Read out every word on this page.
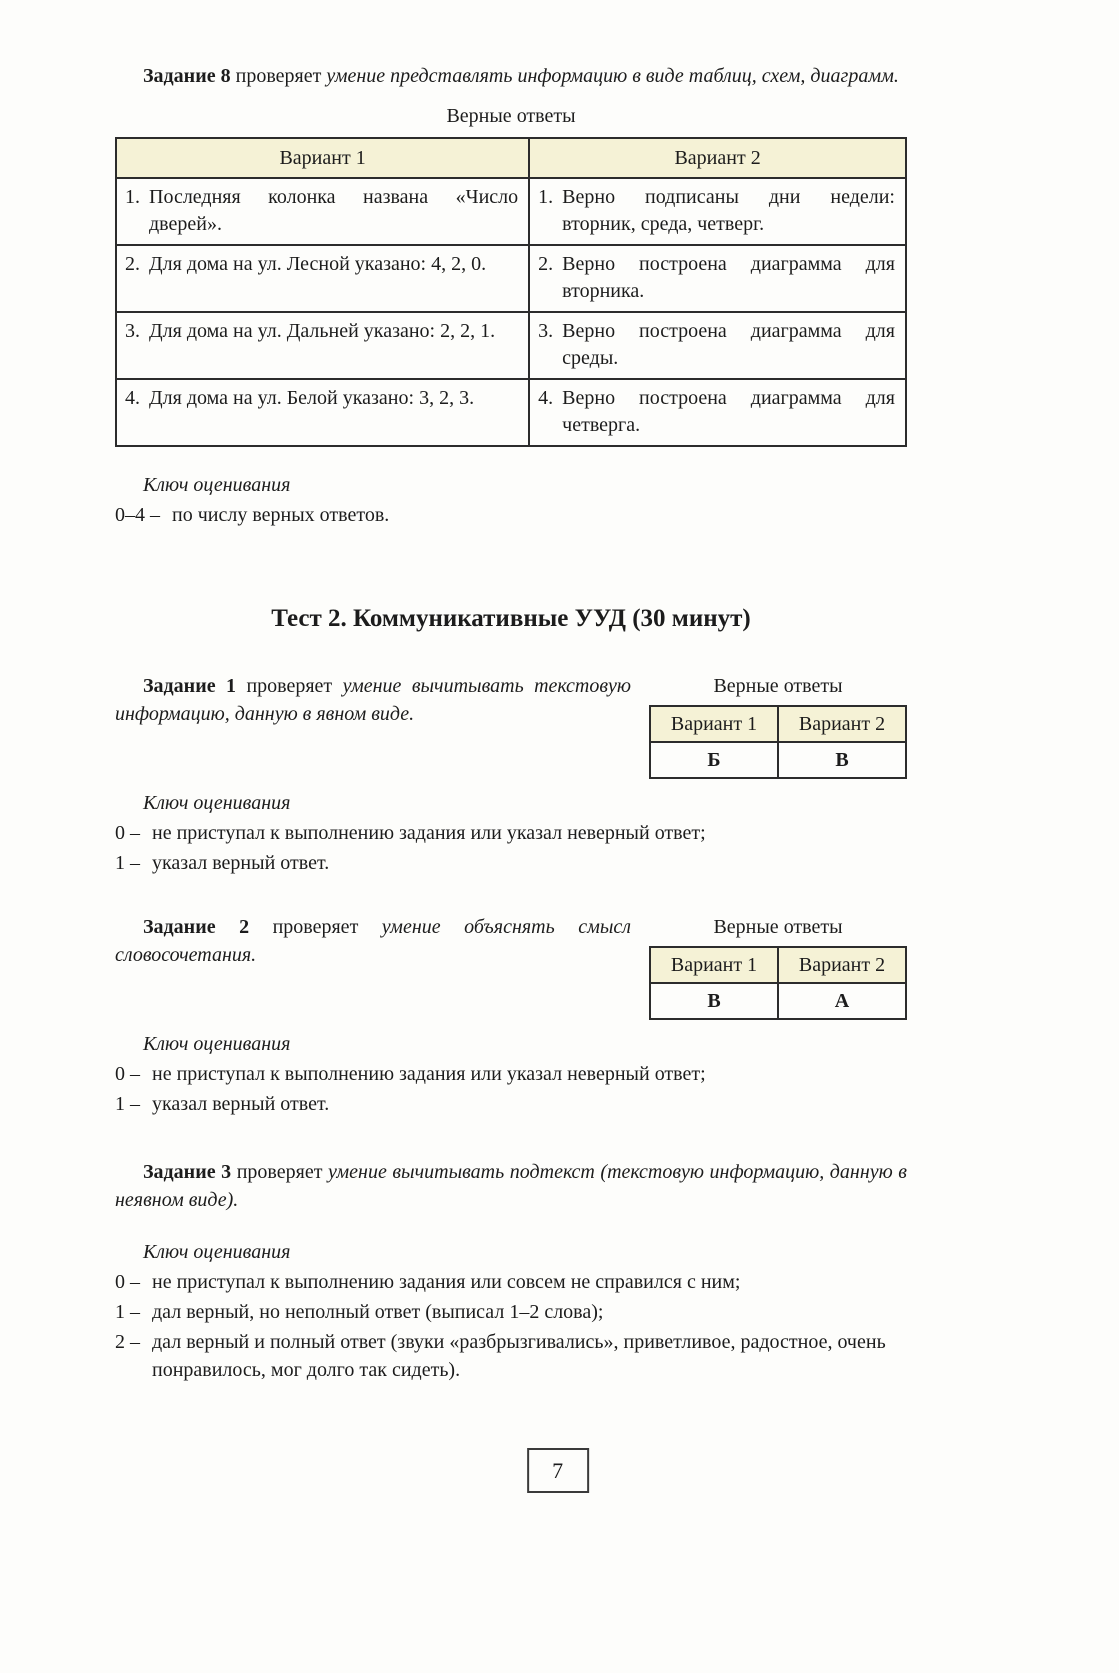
Задание 8 проверяет умение представлять информацию в виде таблиц, схем, диаграмм.

Верные ответы
Вариант 1	Вариант 2

1. Последняя колонка названа «Число дверей».	1. Верно подписаны дни недели: вторник, среда, четверг.

2. Для дома на ул. Лесной указано: 4, 2, 0.	2. Верно построена диаграмма для вторника.

3. Для дома на ул. Дальней указано: 2, 2, 1.	3. Верно построена диаграмма для среды.

4. Для дома на ул. Белой указано: 3, 2, 3.	4. Верно построена диаграмма для четверга.
Ключ оценивания
0–4 – по числу верных ответов.
Тест 2. Коммуникативные УУД (30 минут)

Задание 1 проверяет умение вычитывать текстовую информацию, данную в явном виде.

Верные ответы
Вариант 1	Вариант 2
Б	В
Ключ оценивания
0 – не приступал к выполнению задания или указал неверный ответ;
1 – указал верный ответ.

Задание 2 проверяет умение объяснять смысл словосочетания.

Верные ответы
Вариант 1	Вариант 2
В	А
Ключ оценивания
0 – не приступал к выполнению задания или указал неверный ответ;
1 – указал верный ответ.

Задание 3 проверяет умение вычитывать подтекст (текстовую информацию, данную в неявном виде).

Ключ оценивания
0 – не приступал к выполнению задания или совсем не справился с ним;
1 – дал верный, но неполный ответ (выписал 1–2 слова);
2 – дал верный и полный ответ (звуки «разбрызгивались», приветливое, радостное, очень понравилось, мог долго так сидеть).
7
